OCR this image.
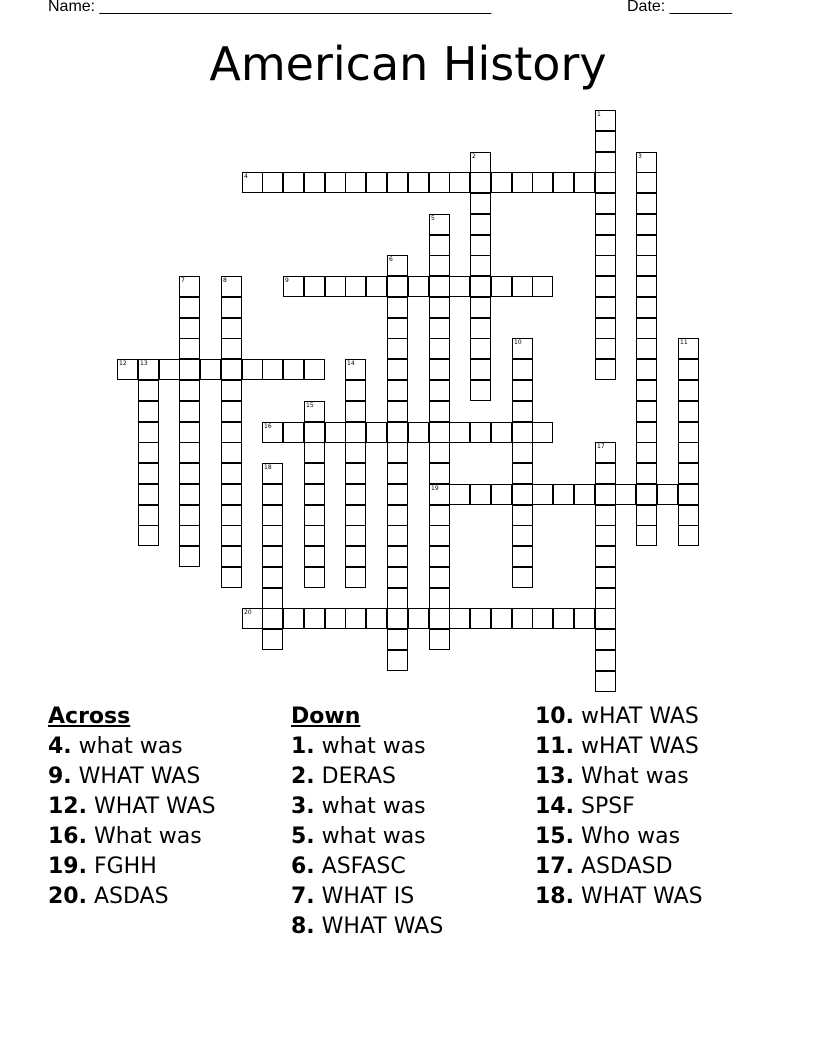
Name: ____________________________________________	Date: _______
American History
1
2	3
4
5
19
6
7	8	9
10	11
12 13	14
15
16
17
18
20
Across
4. what was
9. WHAT WAS
12. WHAT WAS
16. What was
19. FGHH
20. ASDAS
Down
1. what was
2. DERAS
3. what was
5. what was
6. ASFASC
7. WHAT IS
8. WHAT WAS
10. wHAT WAS
11. wHAT WAS
13. What was
14. SPSF
15. Who was
17. ASDASD
18. WHAT WAS
